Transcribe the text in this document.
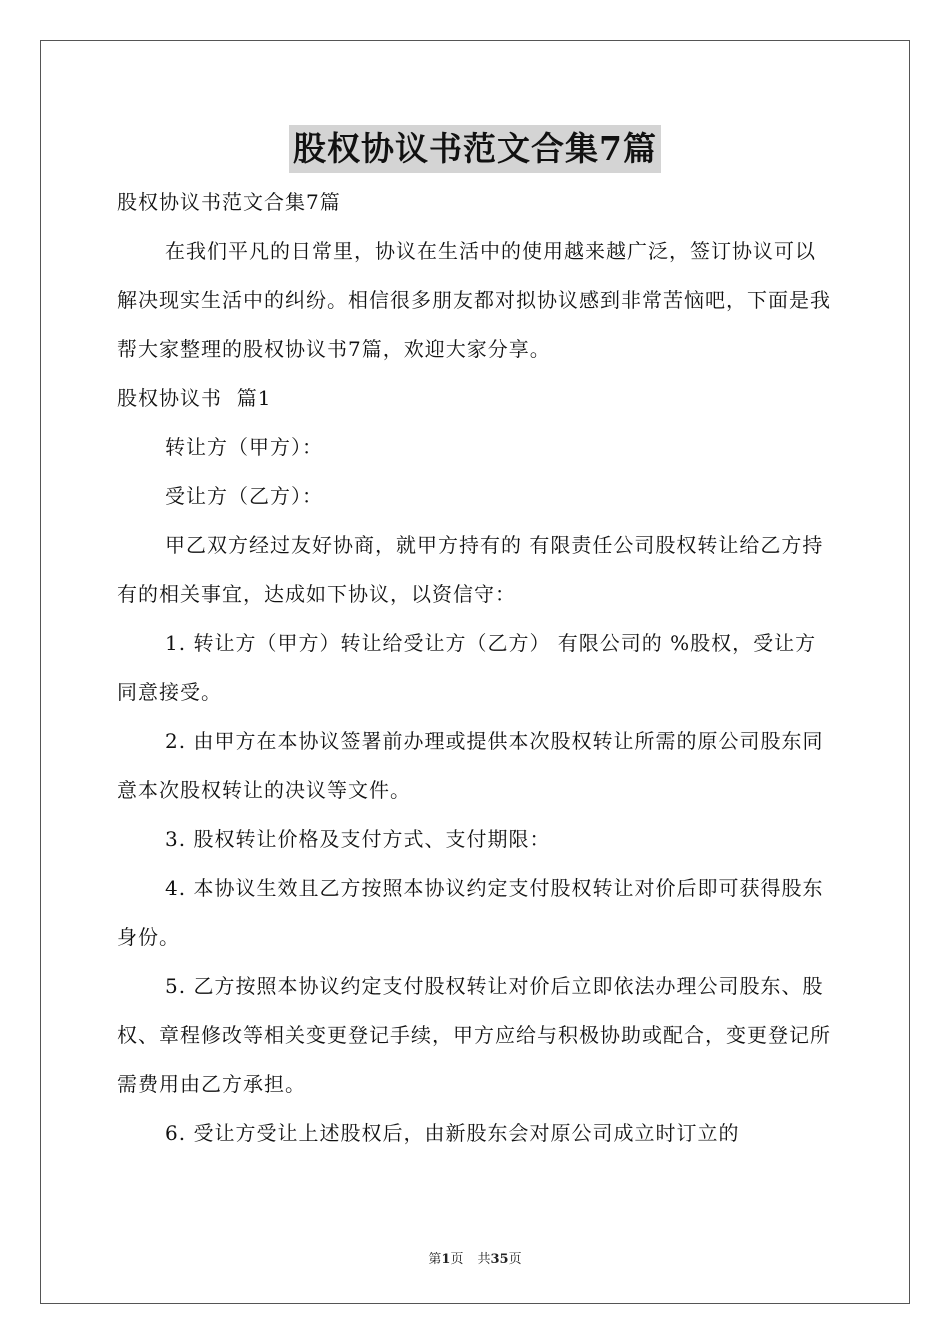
股权协议书范文合集7篇

股权协议书范文合集7篇

在我们平凡的日常里，协议在生活中的使用越来越广泛，签订协议可以解决现实生活中的纠纷。相信很多朋友都对拟协议感到非常苦恼吧，下面是我帮大家整理的股权协议书7篇，欢迎大家分享。

股权协议书  篇1

转让方（甲方）：

受让方（乙方）：

甲乙双方经过友好协商，就甲方持有的 有限责任公司股权转让给乙方持有的相关事宜，达成如下协议，以资信守：

1. 转让方（甲方）转让给受让方（乙方） 有限公司的 %股权，受让方同意接受。

2. 由甲方在本协议签署前办理或提供本次股权转让所需的原公司股东同意本次股权转让的决议等文件。

3. 股权转让价格及支付方式、支付期限：

4. 本协议生效且乙方按照本协议约定支付股权转让对价后即可获得股东身份。

5. 乙方按照本协议约定支付股权转让对价后立即依法办理公司股东、股权、章程修改等相关变更登记手续，甲方应给与积极协助或配合，变更登记所需费用由乙方承担。

6. 受让方受让上述股权后，由新股东会对原公司成立时订立的

第1页 共35页
